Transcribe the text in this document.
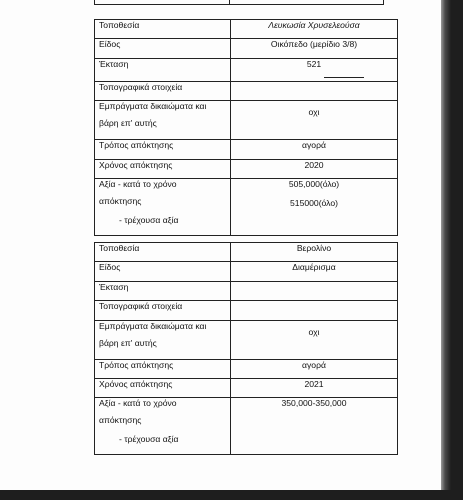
Τοποθεσία	Λευκωσία Χρυσελεούσα
Είδος	Οικόπεδο (μερίδιο 3/8)
Έκταση	521

Τοπογραφικά στοιχεία	
Εμπράγματα δικαιώματα και
βάρη επ' αυτής	οχι
Τρόπος απόκτησης	αγορά
Χρόνος απόκτησης	2020
Αξία - κατά το χρόνο
απόκτησης
- τρέχουσα αξία	505,000(όλο)
515000(όλο)
Τοποθεσία	Βερολίνο
Είδος	Διαμέρισμα
Έκταση	
Τοπογραφικά στοιχεία	
Εμπράγματα δικαιώματα και
βάρη επ' αυτής	οχι
Τρόπος απόκτησης	αγορά
Χρόνος απόκτησης	2021
Αξία - κατά το χρόνο
απόκτησης
- τρέχουσα αξία	350,000-350,000
